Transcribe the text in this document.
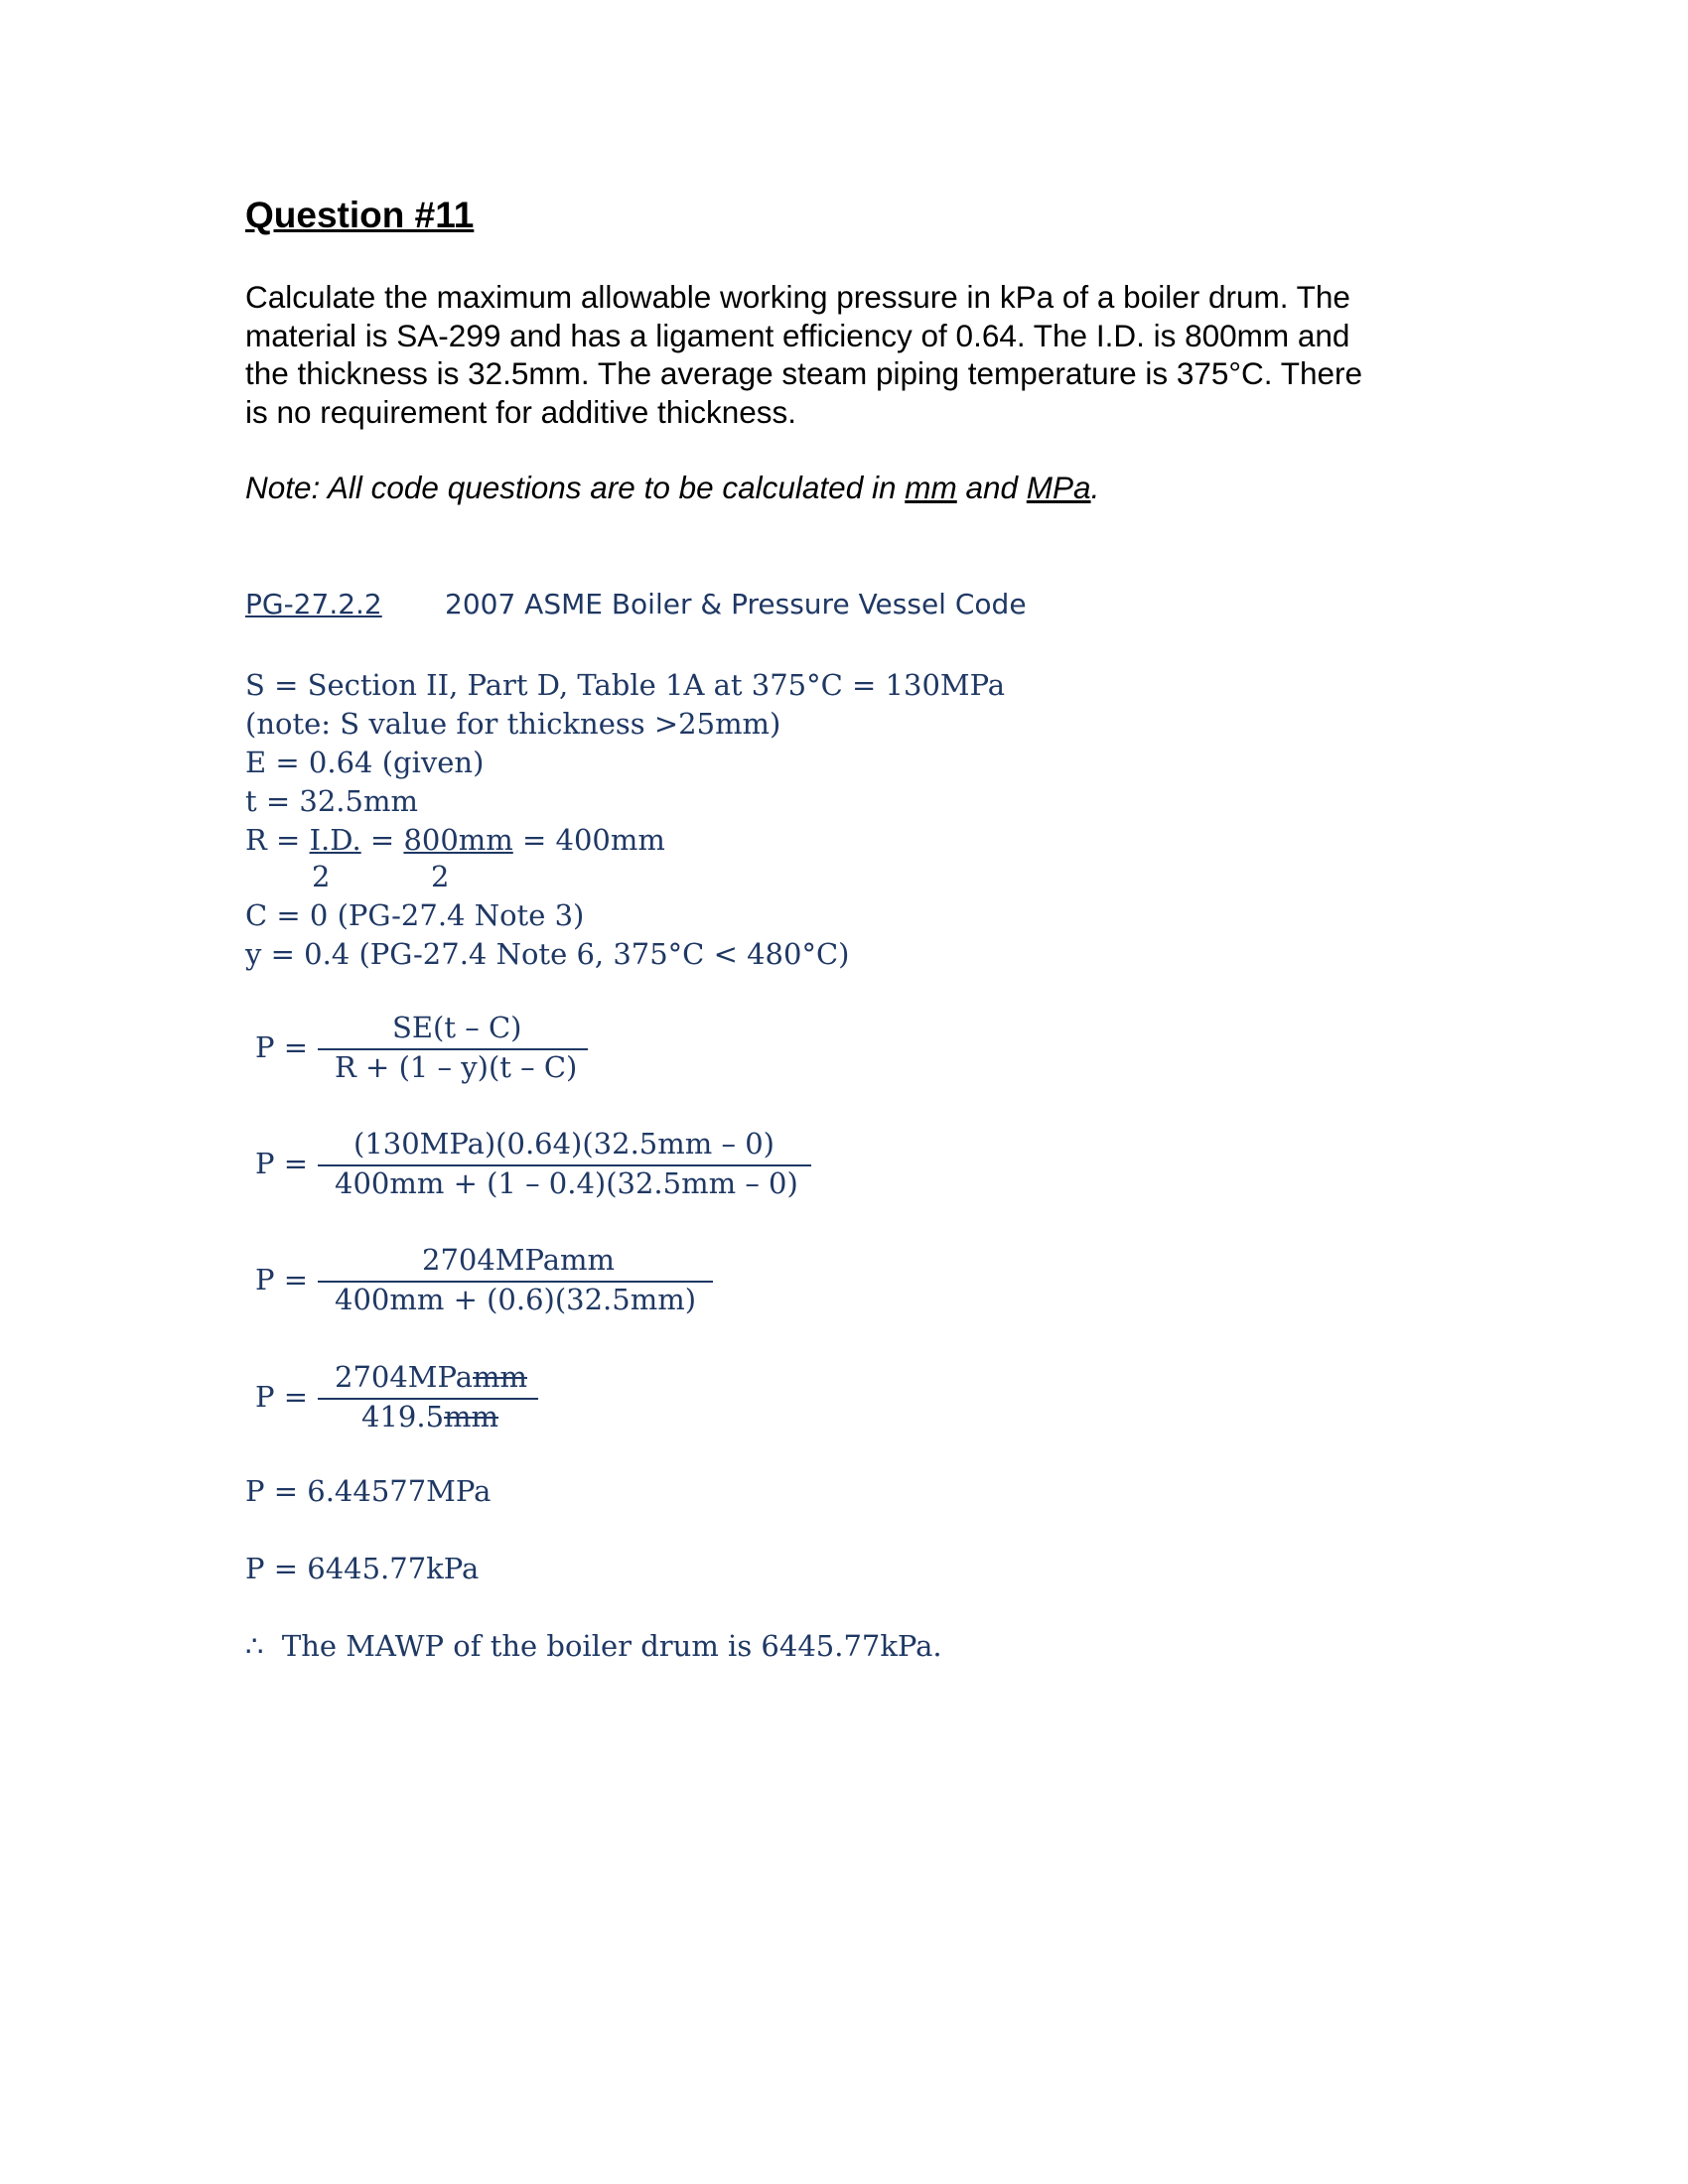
Question #11
Calculate the maximum allowable working pressure in kPa of a boiler drum. The
material is SA-299 and has a ligament efficiency of 0.64. The I.D. is 800mm and
the thickness is 32.5mm. The average steam piping temperature is 375°C. There
is no requirement for additive thickness.
Note: All code questions are to be calculated in mm and MPa.
PG-27.2.2 2007 ASME Boiler & Pressure Vessel Code
S = Section II, Part D, Table 1A at 375°C = 130MPa
(note: S value for thickness >25mm)
E = 0.64 (given)
t = 32.5mm
R = I.D. = 800mm = 400mm
2	2
C = 0 (PG-27.4 Note 3)
y = 0.4 (PG-27.4 Note 6, 375°C < 480°C)
P =
SE(t – C)
R + (1 – y)(t – C)
P =
(130MPa)(0.64)(32.5mm – 0)
400mm + (1 – 0.4)(32.5mm – 0)
P =
2704MPamm
400mm + (0.6)(32.5mm)
P =
2704MPamm
419.5mm
P = 6.44577MPa
P = 6445.77kPa
∴ The MAWP of the boiler drum is 6445.77kPa.
